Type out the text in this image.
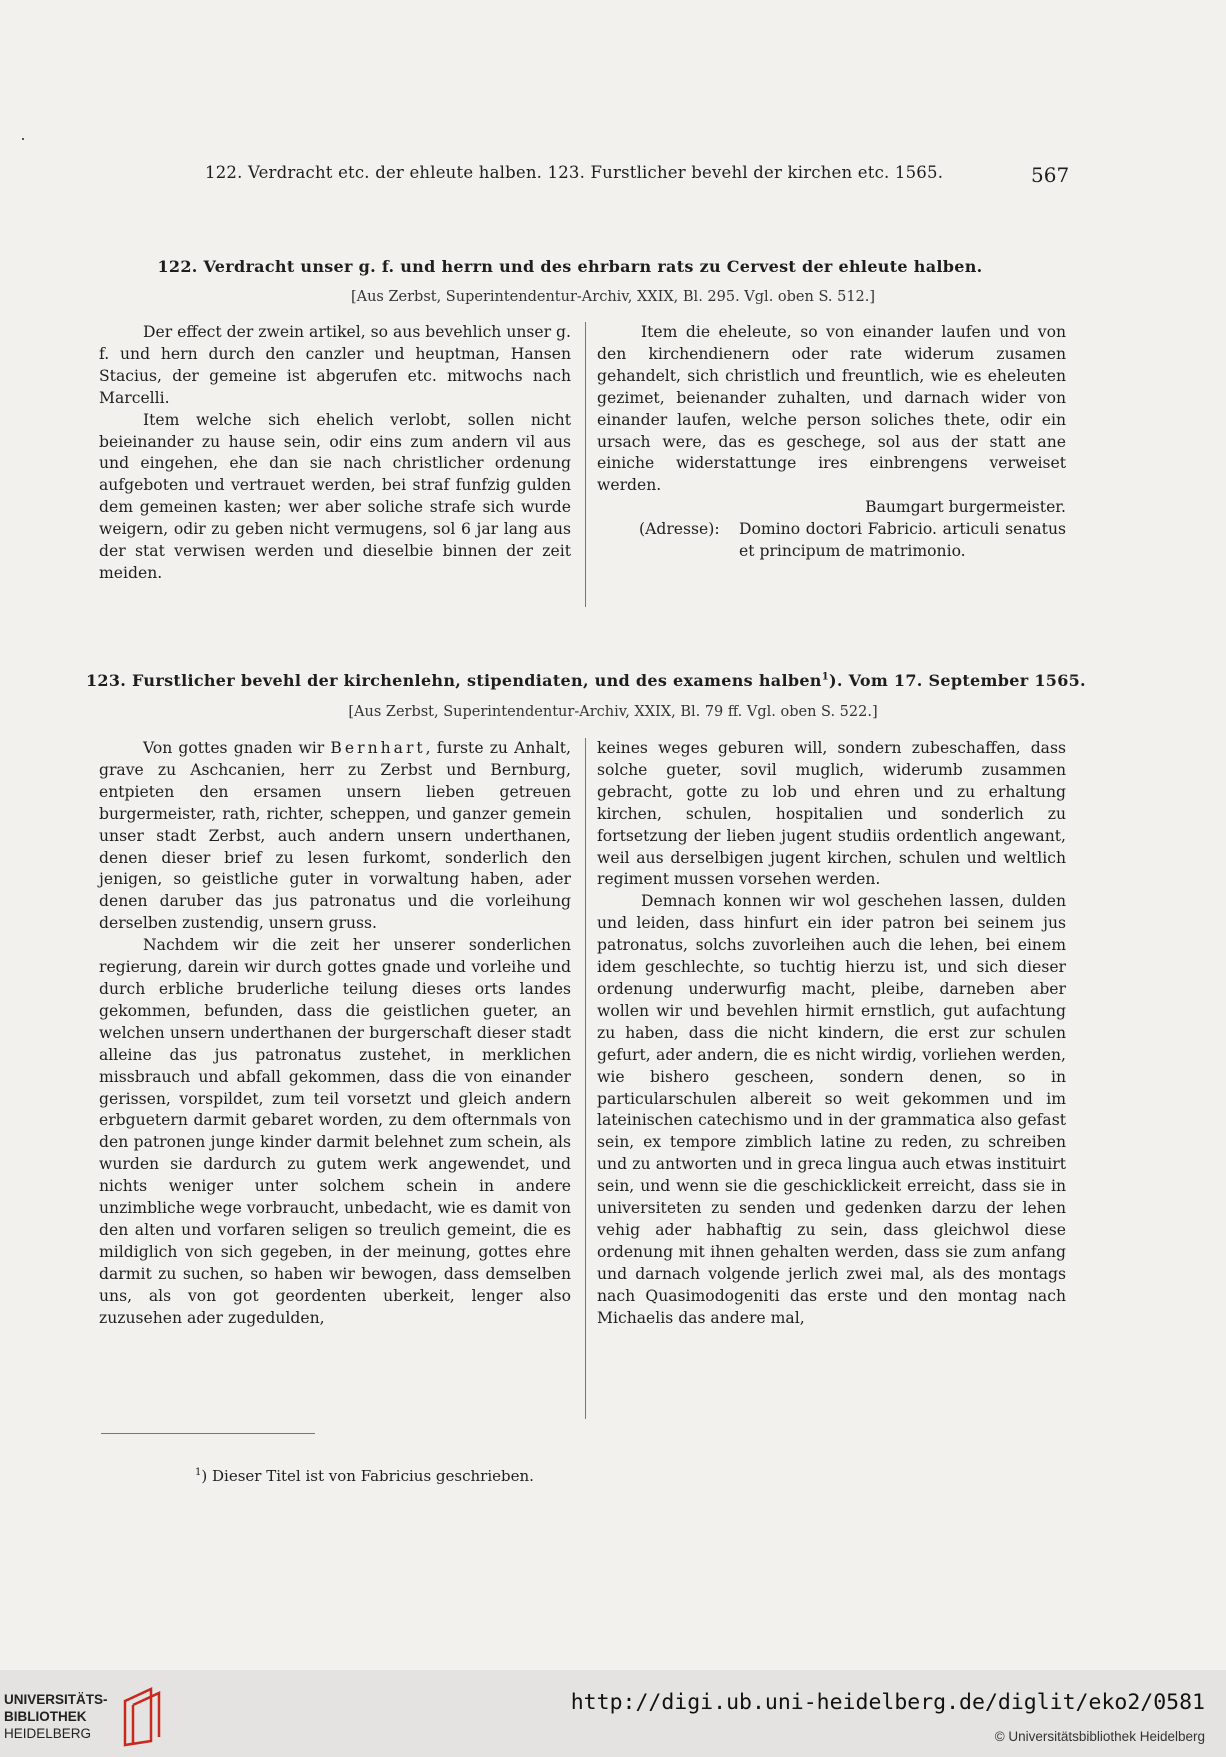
122. Verdracht etc. der ehleute halben. 123. Furstlicher bevehl der kirchen etc. 1565.	567
122. Verdracht unser g. f. und herrn und des ehrbarn rats zu Cervest der ehleute halben.
[Aus Zerbst, Superintendentur-Archiv, XXIX, Bl. 295. Vgl. oben S. 512.]

Der effect der zwein artikel, so aus bevehlich unser g. f. und hern durch den canzler und heuptman, Hansen Stacius, der gemeine ist abgerufen etc. mitwochs nach Marcelli.

Item welche sich ehelich verlobt, sollen nicht beieinander zu hause sein, odir eins zum andern vil aus und eingehen, ehe dan sie nach christlicher ordenung aufgeboten und vertrauet werden, bei straf funfzig gulden dem gemeinen kasten; wer aber soliche strafe sich wurde weigern, odir zu geben nicht vermugens, sol 6 jar lang aus der stat verwisen werden und dieselbie binnen der zeit meiden.

Item die eheleute, so von einander laufen und von den kirchendienern oder rate widerum zusamen gehandelt, sich christlich und freuntlich, wie es eheleuten gezimet, beienander zuhalten, und darnach wider von einander laufen, welche person soliches thete, odir ein ursach were, das es geschege, sol aus der statt ane einiche widerstattunge ires einbrengens verweiset werden.

Baumgart burgermeister.

(Adresse):	Domino doctori Fabricio. articuli senatus et principum de matrimonio.
123. Furstlicher bevehl der kirchenlehn, stipendiaten, und des examens halben$^1$). Vom 17. September 1565.
[Aus Zerbst, Superintendentur-Archiv, XXIX, Bl. 79 ff. Vgl. oben S. 522.]

Von gottes gnaden wir Bernhart, furste zu Anhalt, grave zu Aschcanien, herr zu Zerbst und Bernburg, entpieten den ersamen unsern lieben getreuen burgermeister, rath, richter, scheppen, und ganzer gemein unser stadt Zerbst, auch andern unsern underthanen, denen dieser brief zu lesen furkomt, sonderlich den jenigen, so geistliche guter in vorwaltung haben, ader denen daruber das jus patronatus und die vorleihung derselben zustendig, unsern gruss.

Nachdem wir die zeit her unserer sonderlichen regierung, darein wir durch gottes gnade und vorleihe und durch erbliche bruderliche teilung dieses orts landes gekommen, befunden, dass die geistlichen gueter, an welchen unsern underthanen der burgerschaft dieser stadt alleine das jus patronatus zustehet, in merklichen missbrauch und abfall gekommen, dass die von einander gerissen, vorspildet, zum teil vorsetzt und gleich andern erbguetern darmit gebaret worden, zu dem ofternmals von den patronen junge kinder darmit belehnet zum schein, als wurden sie dardurch zu gutem werk angewendet, und nichts weniger unter solchem schein in andere unzimbliche wege vorbraucht, unbedacht, wie es damit von den alten und vorfaren seligen so treulich gemeint, die es mildiglich von sich gegeben, in der meinung, gottes ehre darmit zu suchen, so haben wir bewogen, dass demselben uns, als von got geordenten uberkeit, lenger also zuzusehen ader zugedulden,

keines weges geburen will, sondern zubeschaffen, dass solche gueter, sovil muglich, widerumb zusammen gebracht, gotte zu lob und ehren und zu erhaltung kirchen, schulen, hospitalien und sonderlich zu fortsetzung der lieben jugent studiis ordentlich angewant, weil aus derselbigen jugent kirchen, schulen und weltlich regiment mussen vorsehen werden.

Demnach konnen wir wol geschehen lassen, dulden und leiden, dass hinfurt ein ider patron bei seinem jus patronatus, solchs zuvorleihen auch die lehen, bei einem idem geschlechte, so tuchtig hierzu ist, und sich dieser ordenung underwurfig macht, pleibe, darneben aber wollen wir und bevehlen hirmit ernstlich, gut aufachtung zu haben, dass die nicht kindern, die erst zur schulen gefurt, ader andern, die es nicht wirdig, vorliehen werden, wie bishero gescheen, sondern denen, so in particularschulen albereit so weit gekommen und im lateinischen catechismo und in der grammatica also gefast sein, ex tempore zimblich latine zu reden, zu schreiben und zu antworten und in greca lingua auch etwas instituirt sein, und wenn sie die geschicklickeit erreicht, dass sie in universiteten zu senden und gedenken darzu der lehen vehig ader habhaftig zu sein, dass gleichwol diese ordenung mit ihnen gehalten werden, dass sie zum anfang und darnach volgende jerlich zwei mal, als des montags nach Quasimodogeniti das erste und den montag nach Michaelis das andere mal,

$^1$) Dieser Titel ist von Fabricius geschrieben.
UNIVERSITÄTS-
BIBLIOTHEK
HEIDELBERG
http://digi.ub.uni-heidelberg.de/diglit/eko2/0581
© Universitätsbibliothek Heidelberg
